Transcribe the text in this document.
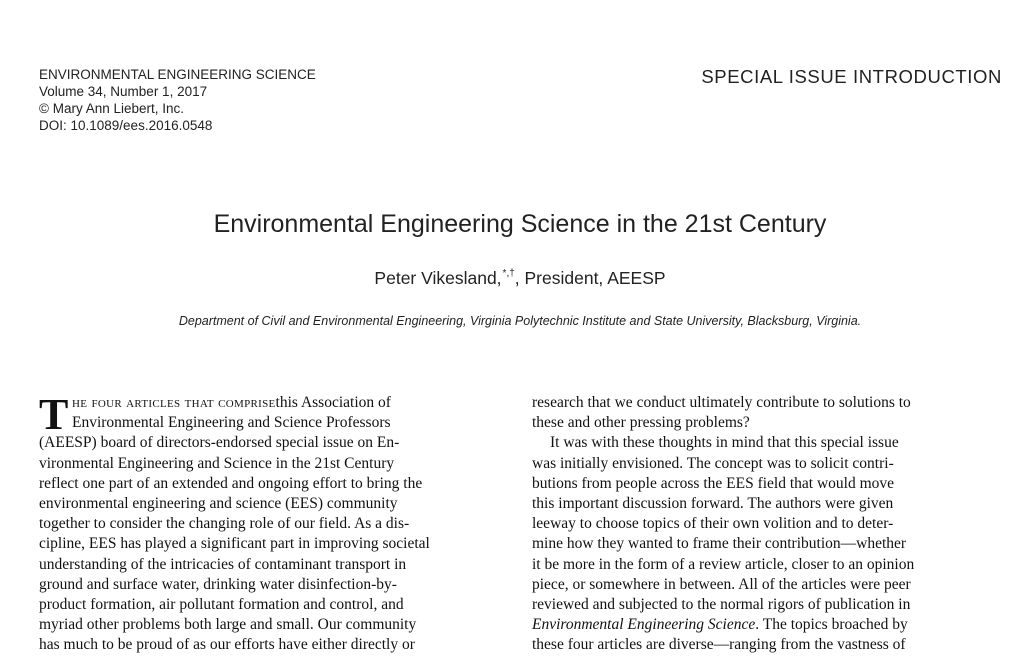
ENVIRONMENTAL ENGINEERING SCIENCE
Volume 34, Number 1, 2017
© Mary Ann Liebert, Inc.
DOI: 10.1089/ees.2016.0548
SPECIAL ISSUE INTRODUCTION
Environmental Engineering Science in the 21st Century
Peter Vikesland,*,†, President, AEESP
Department of Civil and Environmental Engineering, Virginia Polytechnic Institute and State University, Blacksburg, Virginia.
T he four articles that comprise this Association of
Environmental Engineering and Science Professors
(AEESP) board of directors-endorsed special issue on En-
vironmental Engineering and Science in the 21st Century
reflect one part of an extended and ongoing effort to bring the
environmental engineering and science (EES) community
together to consider the changing role of our field. As a dis-
cipline, EES has played a significant part in improving societal
understanding of the intricacies of contaminant transport in
ground and surface water, drinking water disinfection-by-
product formation, air pollutant formation and control, and
myriad other problems both large and small. Our community
has much to be proud of as our efforts have either directly or
research that we conduct ultimately contribute to solutions to
these and other pressing problems?
It was with these thoughts in mind that this special issue
was initially envisioned. The concept was to solicit contri-
butions from people across the EES field that would move
this important discussion forward. The authors were given
leeway to choose topics of their own volition and to deter-
mine how they wanted to frame their contribution—whether
it be more in the form of a review article, closer to an opinion
piece, or somewhere in between. All of the articles were peer
reviewed and subjected to the normal rigors of publication in
Environmental Engineering Science . The topics broached by
these four articles are diverse—ranging from the vastness of
